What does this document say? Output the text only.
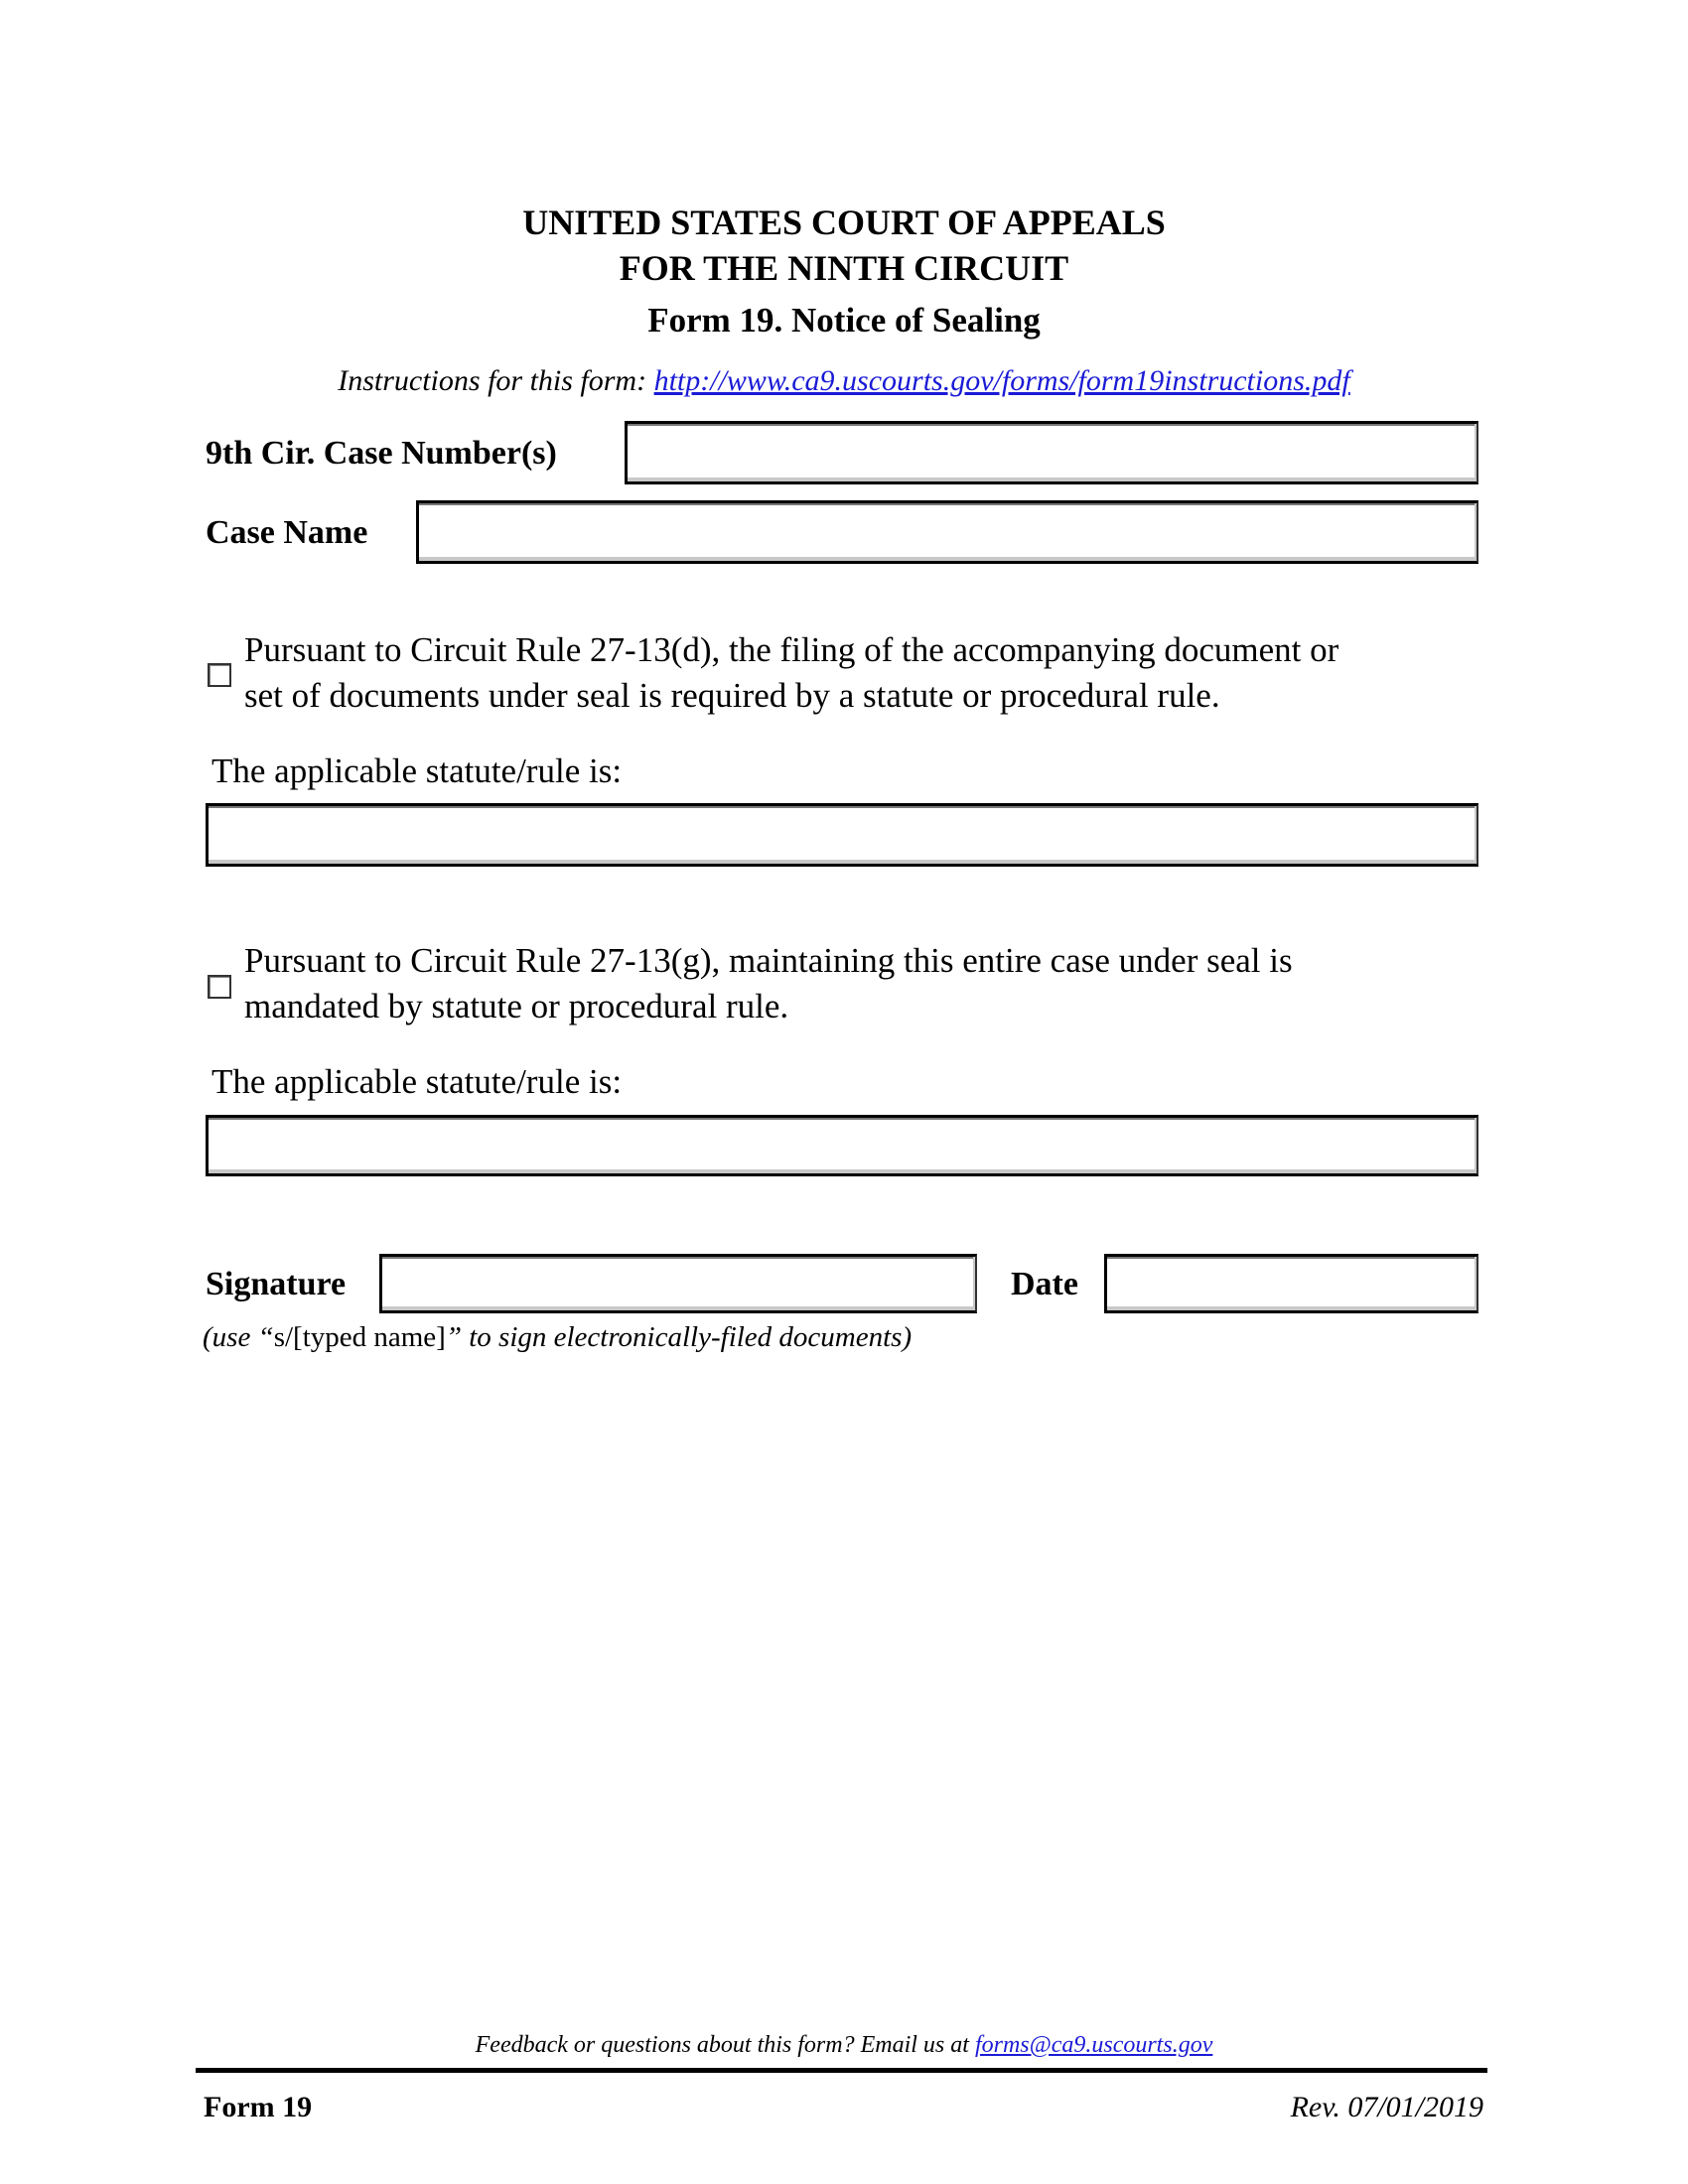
UNITED STATES COURT OF APPEALS
FOR THE NINTH CIRCUIT
Form 19. Notice of Sealing
Instructions for this form: http://www.ca9.uscourts.gov/forms/form19instructions.pdf
9th Cir. Case Number(s)
Case Name
Pursuant to Circuit Rule 27-13(d), the filing of the accompanying document or
set of documents under seal is required by a statute or procedural rule.
The applicable statute/rule is:
Pursuant to Circuit Rule 27-13(g), maintaining this entire case under seal is
mandated by statute or procedural rule.
The applicable statute/rule is:
Signature	Date
(use “s/[typed name]” to sign electronically-filed documents)
Feedback or questions about this form? Email us at forms@ca9.uscourts.gov
Form 19	Rev. 07/01/2019
